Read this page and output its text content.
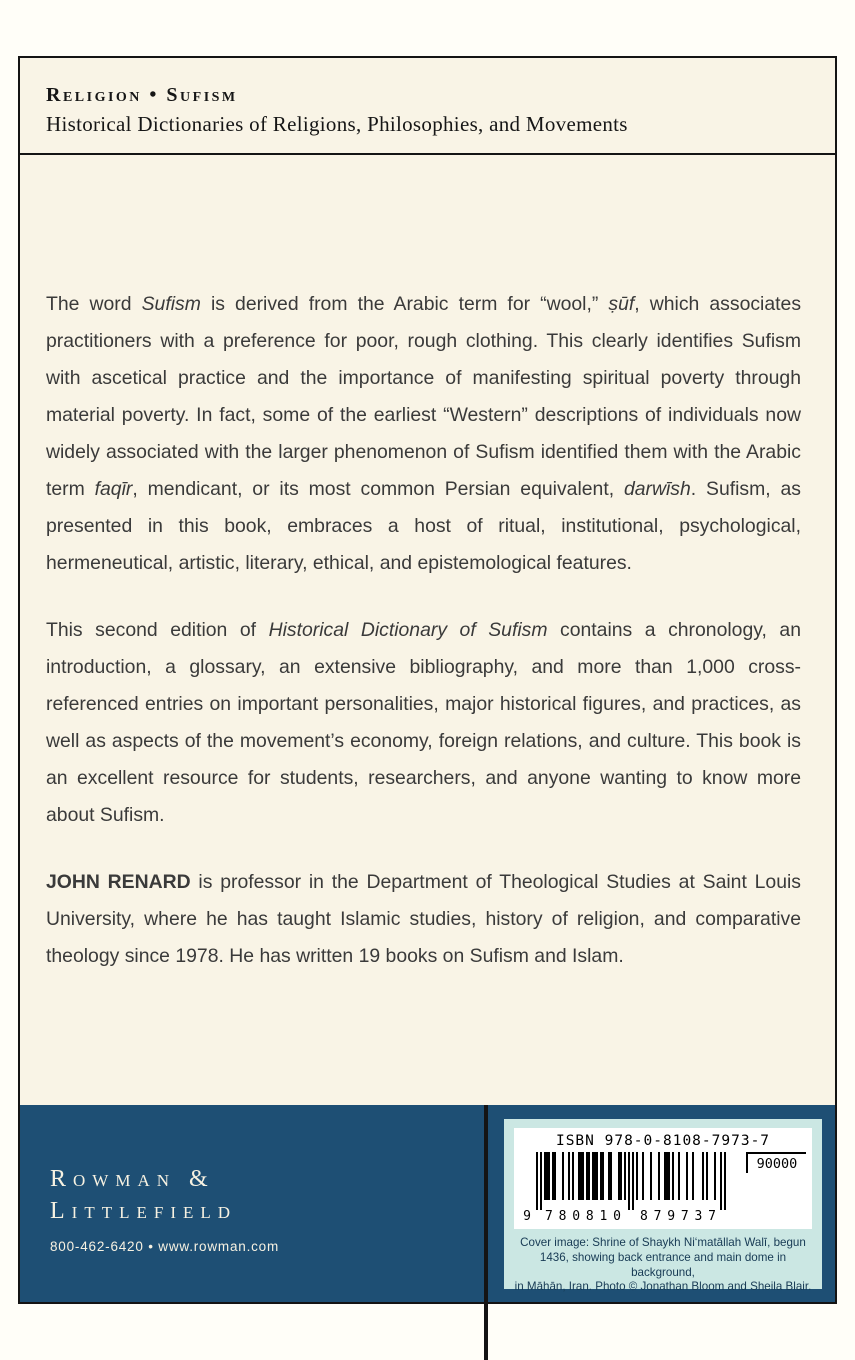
Religion • Sufism
Historical Dictionaries of Religions, Philosophies, and Movements

The word Sufism is derived from the Arabic term for “wool,” ṣūf, which associates practitioners with a preference for poor, rough clothing. This clearly identifies Sufism with ascetical practice and the importance of manifesting spiritual poverty through material poverty. In fact, some of the earliest “Western” descriptions of individuals now widely associated with the larger phenomenon of Sufism identified them with the Arabic term faqīr, mendicant, or its most common Persian equivalent, darwīsh. Sufism, as presented in this book, embraces a host of ritual, institutional, psychological, hermeneutical, artistic, literary, ethical, and epistemological features.

This second edition of Historical Dictionary of Sufism contains a chronology, an introduction, a glossary, an extensive bibliography, and more than 1,000 cross-referenced entries on important personalities, major historical figures, and practices, as well as aspects of the movement’s economy, foreign relations, and culture. This book is an excellent resource for students, researchers, and anyone wanting to know more about Sufism.

JOHN RENARD is professor in the Department of Theological Studies at Saint Louis University, where he has taught Islamic studies, history of religion, and comparative theology since 1978. He has written 19 books on Sufism and Islam.

Rowman &
Littlefield
800-462-6420 • www.rowman.com
ISBN 978-0-8108-7973-7
9 780810 879737
90000
Cover image: Shrine of Shaykh Ni‘matāllah Walī, begun
1436, showing back entrance and main dome in background,
in Māhān, Iran. Photo © Jonathan Bloom and Sheila Blair.
